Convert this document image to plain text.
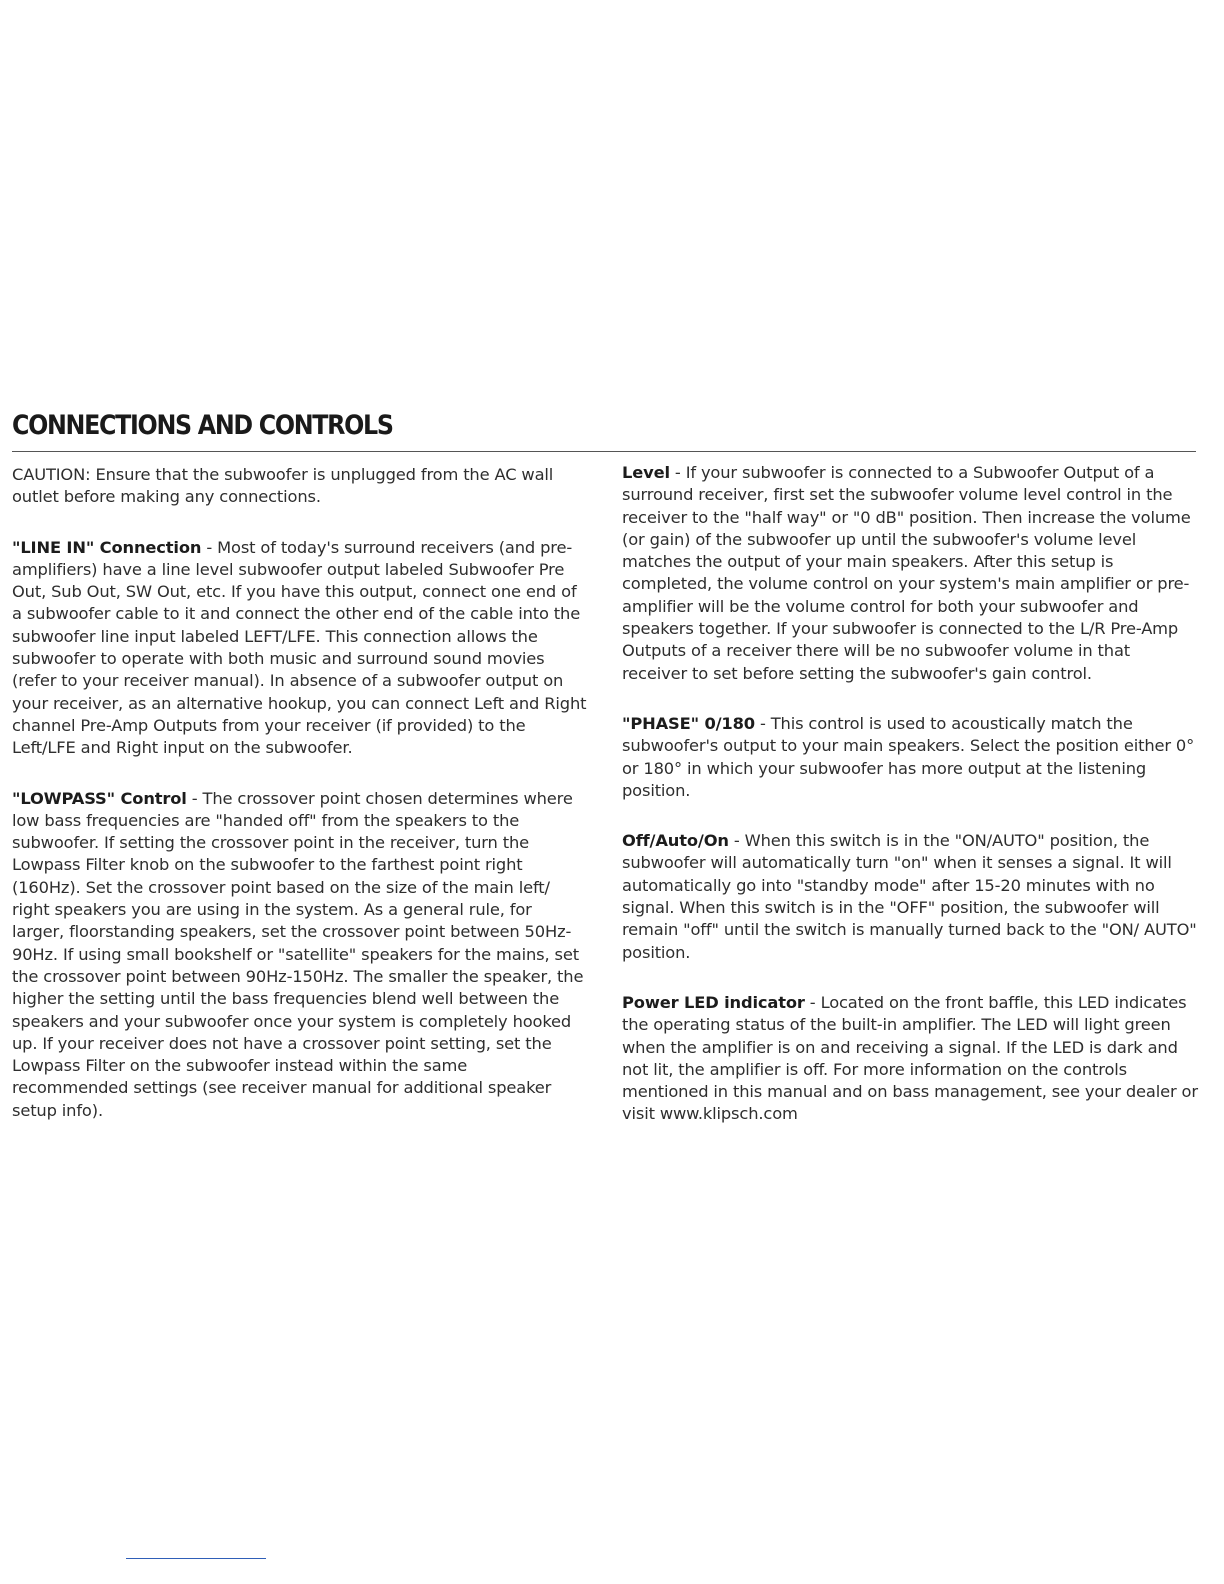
CONNECTIONS AND CONTROLS

CAUTION: Ensure that the subwoofer is unplugged from the AC wall outlet before making any connections.

"LINE IN" Connection - Most of today's surround receivers (and pre-amplifiers) have a line level subwoofer output labeled Subwoofer Pre Out, Sub Out, SW Out, etc. If you have this output, connect one end of a subwoofer cable to it and connect the other end of the cable into the subwoofer line input labeled LEFT/LFE. This connection allows the subwoofer to operate with both music and surround sound movies (refer to your receiver manual). In absence of a subwoofer output on your receiver, as an alternative hookup, you can connect Left and Right channel Pre-Amp Outputs from your receiver (if provided) to the Left/LFE and Right input on the subwoofer.

"LOWPASS" Control - The crossover point chosen determines where low bass frequencies are "handed off" from the speakers to the subwoofer. If setting the crossover point in the receiver, turn the Lowpass Filter knob on the subwoofer to the farthest point right (160Hz). Set the crossover point based on the size of the main left/ right speakers you are using in the system. As a general rule, for larger, floorstanding speakers, set the crossover point between 50Hz-90Hz. If using small bookshelf or "satellite" speakers for the mains, set the crossover point between 90Hz-150Hz. The smaller the speaker, the higher the setting until the bass frequencies blend well between the speakers and your subwoofer once your system is completely hooked up. If your receiver does not have a crossover point setting, set the Lowpass Filter on the subwoofer instead within the same recommended settings (see receiver manual for additional speaker setup info).

Level - If your subwoofer is connected to a Subwoofer Output of a surround receiver, first set the subwoofer volume level control in the receiver to the "half way" or "0 dB" position. Then increase the volume (or gain) of the subwoofer up until the subwoofer's volume level matches the output of your main speakers. After this setup is completed, the volume control on your system's main amplifier or pre-amplifier will be the volume control for both your subwoofer and speakers together. If your subwoofer is connected to the L/R Pre-Amp Outputs of a receiver there will be no subwoofer volume in that receiver to set before setting the subwoofer's gain control.

"PHASE" 0/180 - This control is used to acoustically match the subwoofer's output to your main speakers. Select the position either 0° or 180° in which your subwoofer has more output at the listening position.

Off/Auto/On - When this switch is in the "ON/AUTO" position, the subwoofer will automatically turn "on" when it senses a signal. It will automatically go into "standby mode" after 15-20 minutes with no signal. When this switch is in the "OFF" position, the subwoofer will remain "off" until the switch is manually turned back to the "ON/ AUTO" position.

Power LED indicator - Located on the front baffle, this LED indicates the operating status of the built-in amplifier. The LED will light green when the amplifier is on and receiving a signal. If the LED is dark and not lit, the amplifier is off. For more information on the controls mentioned in this manual and on bass management, see your dealer or visit www.klipsch.com
